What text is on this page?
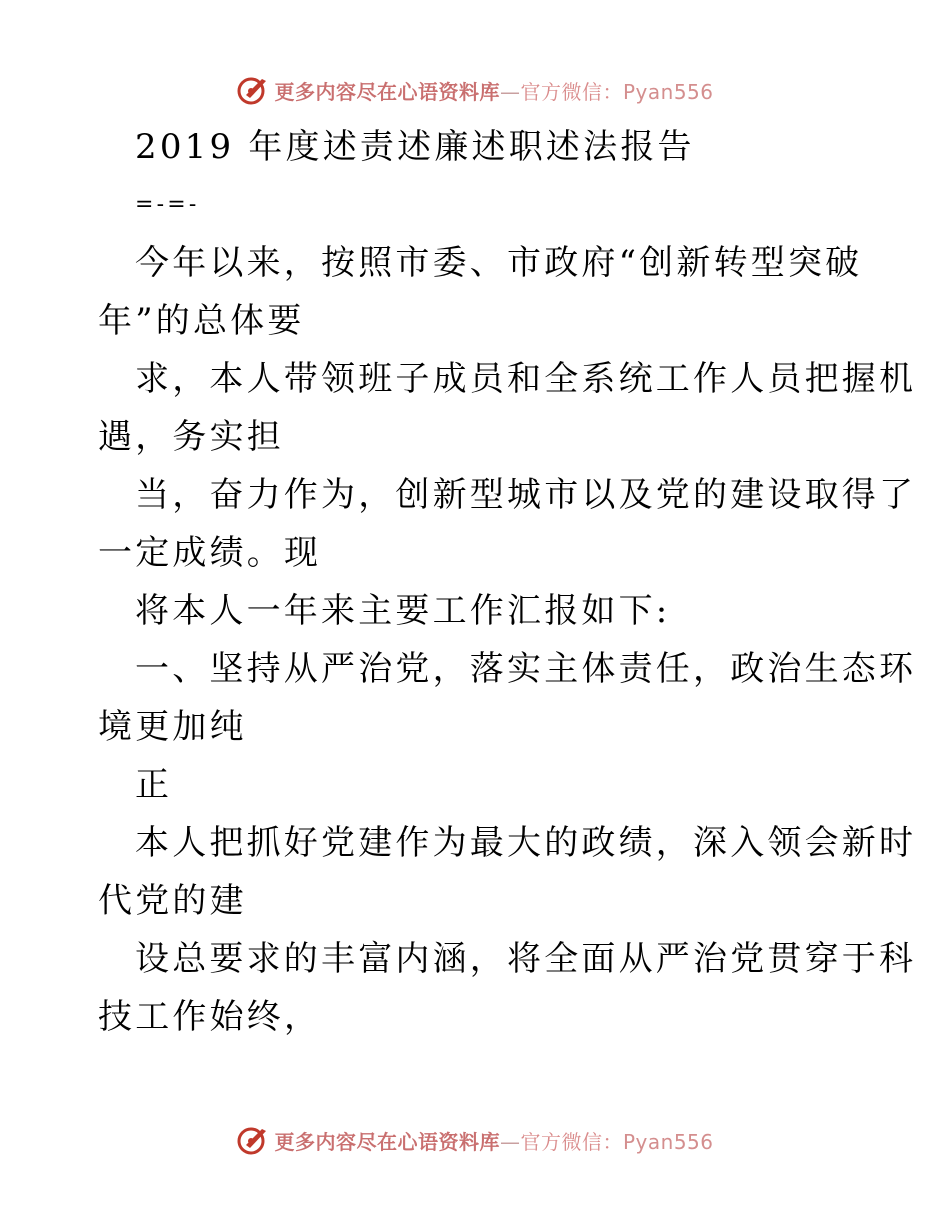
更多内容尽在心语资料库—官方微信：Pyan556
2019 年度述责述廉述职述法报告
=-=-
今年以来，按照市委、市政府“创新转型突破
年”的总体要
求，本人带领班子成员和全系统工作人员把握机
遇，务实担
当，奋力作为，创新型城市以及党的建设取得了
一定成绩。现
将本人一年来主要工作汇报如下:
一、坚持从严治党，落实主体责任，政治生态环
境更加纯
正
本人把抓好党建作为最大的政绩，深入领会新时
代党的建
设总要求的丰富内涵，将全面从严治党贯穿于科
技工作始终，
更多内容尽在心语资料库—官方微信：Pyan556
